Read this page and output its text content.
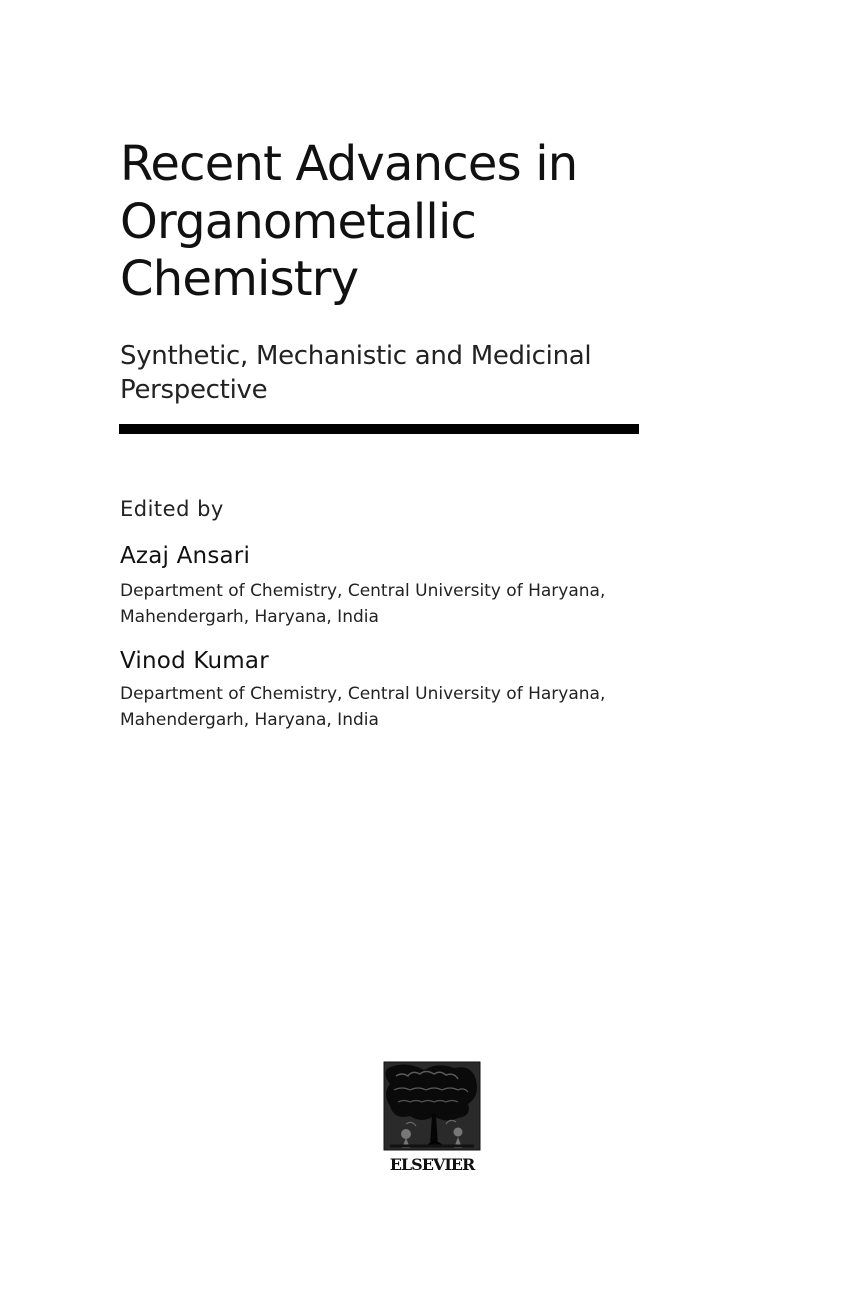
Recent Advances in
Organometallic
Chemistry
Synthetic, Mechanistic and Medicinal
Perspective
Edited by
Azaj Ansari
Department of Chemistry, Central University of Haryana,
Mahendergarh, Haryana, India
Vinod Kumar
Department of Chemistry, Central University of Haryana,
Mahendergarh, Haryana, India
ELSEVIER
